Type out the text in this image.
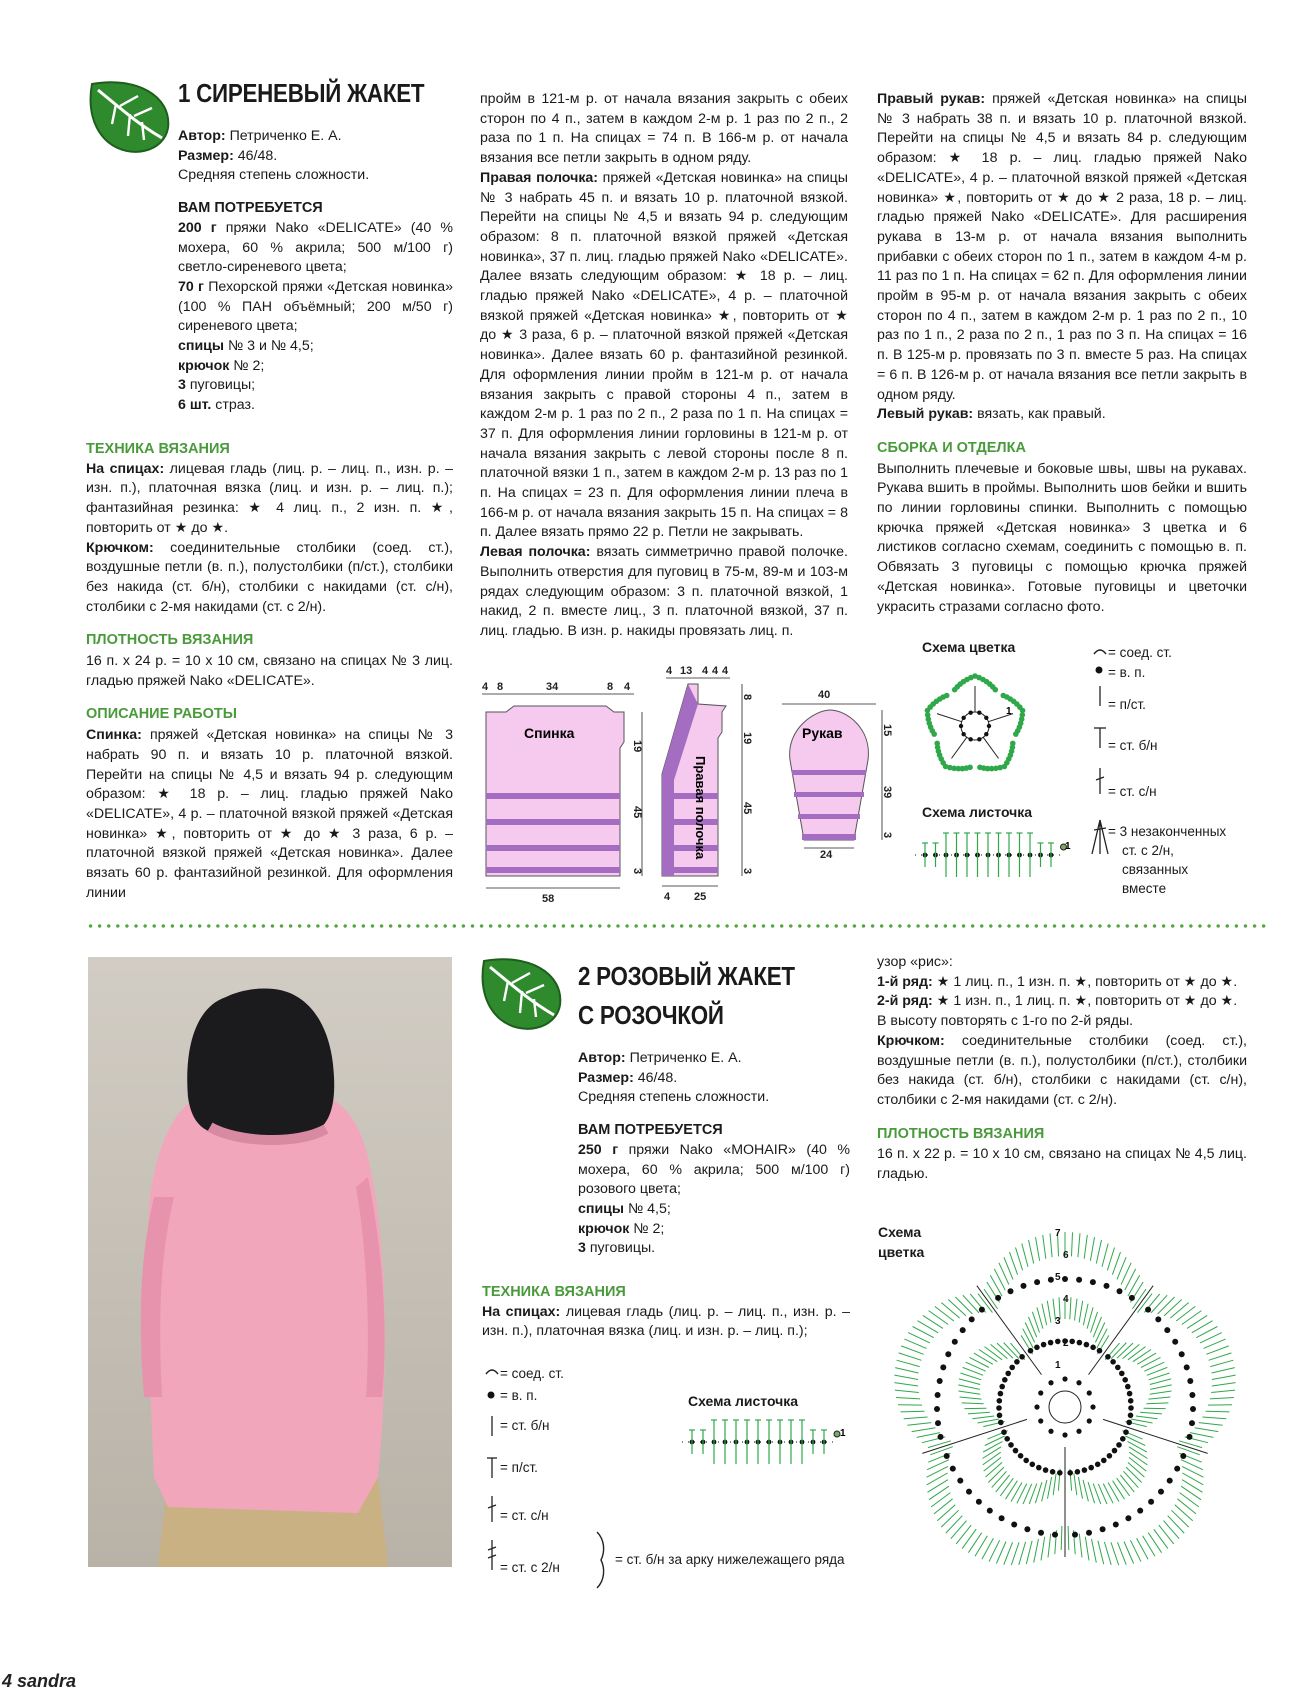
1 СИРЕНЕВЫЙ ЖАКЕТ

Автор: Петриченко Е. А.

Размер: 46/48.

Средняя степень сложности.

ВАМ ПОТРЕБУЕТСЯ

200 г пряжи Nako «DELICATE» (40 % мохера, 60 % акрила; 500 м/100 г) светло-сиреневого цвета;

70 г Пехорской пряжи «Детская новинка» (100 % ПАН объёмный; 200 м/50 г) сиреневого цвета;

спицы № 3 и № 4,5;

крючок № 2;

3 пуговицы;

6 шт. страз.

ТЕХНИКА ВЯЗАНИЯ

На спицах: лицевая гладь (лиц. р. – лиц. п., изн. р. – изн. п.), платочная вязка (лиц. и изн. р. – лиц. п.); фантазийная резинка: ★ 4 лиц. п., 2 изн. п. ★, повторить от ★ до ★.

Крючком: соединительные столбики (соед. ст.), воздушные петли (в. п.), полустолбики (п/ст.), столбики без накида (ст. б/н), столбики с накидами (ст. с/н), столбики с 2-мя накидами (ст. с 2/н).

ПЛОТНОСТЬ ВЯЗАНИЯ

16 п. х 24 р. = 10 х 10 см, связано на спицах № 3 лиц. гладью пряжей Nako «DELICATE».

ОПИСАНИЕ РАБОТЫ

Спинка: пряжей «Детская новинка» на спицы № 3 набрать 90 п. и вязать 10 р. платочной вязкой. Перейти на спицы № 4,5 и вязать 94 р. следующим образом: ★ 18 р. – лиц. гладью пряжей Nako «DELICATE», 4 р. – платочной вязкой пряжей «Детская новинка» ★, повторить от ★ до ★ 3 раза, 6 р. – платочной вязкой пряжей «Детская новинка». Далее вязать 60 р. фантазийной резинкой. Для оформления линии

пройм в 121-м р. от начала вязания закрыть с обеих сторон по 4 п., затем в каждом 2-м р. 1 раз по 2 п., 2 раза по 1 п. На спицах = 74 п. В 166-м р. от начала вязания все петли закрыть в одном ряду.

Правая полочка: пряжей «Детская новинка» на спицы № 3 набрать 45 п. и вязать 10 р. платочной вязкой. Перейти на спицы № 4,5 и вязать 94 р. следующим образом: 8 п. платочной вязкой пряжей «Детская новинка», 37 п. лиц. гладью пряжей Nako «DELICATE». Далее вязать следующим образом: ★ 18 р. – лиц. гладью пряжей Nako «DELICATE», 4 р. – платочной вязкой пряжей «Детская новинка» ★, повторить от ★ до ★ 3 раза, 6 р. – платочной вязкой пряжей «Детская новинка». Далее вязать 60 р. фантазийной резинкой. Для оформления линии пройм в 121-м р. от начала вязания закрыть с правой стороны 4 п., затем в каждом 2-м р. 1 раз по 2 п., 2 раза по 1 п. На спицах = 37 п. Для оформления линии горловины в 121-м р. от начала вязания закрыть с левой стороны после 8 п. платочной вязки 1 п., затем в каждом 2-м р. 13 раз по 1 п. На спицах = 23 п. Для оформления линии плеча в 166-м р. от начала вязания закрыть 15 п. На спицах = 8 п. Далее вязать прямо 22 р. Петли не закрывать.

Левая полочка: вязать симметрично правой полочке. Выполнить отверстия для пуговиц в 75-м, 89-м и 103-м рядах следующим образом: 3 п. платочной вязкой, 1 накид, 2 п. вместе лиц., 3 п. платочной вязкой, 37 п. лиц. гладью. В изн. р. накиды провязать лиц. п.

Правый рукав: пряжей «Детская новинка» на спицы № 3 набрать 38 п. и вязать 10 р. платочной вязкой. Перейти на спицы № 4,5 и вязать 84 р. следующим образом: ★ 18 р. – лиц. гладью пряжей Nako «DELICATE», 4 р. – платочной вязкой пряжей «Детская новинка» ★, повторить от ★ до ★ 2 раза, 18 р. – лиц. гладью пряжей Nako «DELICATE». Для расширения рукава в 13-м р. от начала вязания выполнить прибавки с обеих сторон по 1 п., затем в каждом 4-м р. 11 раз по 1 п. На спицах = 62 п. Для оформления линии пройм в 95-м р. от начала вязания закрыть с обеих сторон по 4 п., затем в каждом 2-м р. 1 раз по 2 п., 10 раз по 1 п., 2 раза по 2 п., 1 раз по 3 п. На спицах = 16 п. В 125-м р. провязать по 3 п. вместе 5 раз. На спицах = 6 п. В 126-м р. от начала вязания все петли закрыть в одном ряду.

Левый рукав: вязать, как правый.

СБОРКА И ОТДЕЛКА

Выполнить плечевые и боковые швы, швы на рукавах. Рукава вшить в проймы. Выполнить шов бейки и вшить по линии горловины спинки. Выполнить с помощью крючка пряжей «Детская новинка» 3 цветка и 6 листиков согласно схемам, соединить с помощью в. п. Обвязать 3 пуговицы с помощью крючка пряжей «Детская новинка». Готовые пуговицы и цветочки украсить стразами согласно фото.

4 8	34	8 4
Спинка
19
45
3
58
4 13 4 4 4
Правая полочка
8
19
45
3
4 25
40
Рукав	15
39
3
24
Схема цветка
1
Схема листочка
1
= соед. ст.
= в. п.
= п/ст.
= ст. б/н
= ст. с/н
= 3 незаконченных
ст. с 2/н,
связанных
вместе
2 РОЗОВЫЙ ЖАКЕТ
С РОЗОЧКОЙ

Автор: Петриченко Е. А.

Размер: 46/48.

Средняя степень сложности.

ВАМ ПОТРЕБУЕТСЯ

250 г пряжи Nako «MOHAIR» (40 % мохера, 60 % акрила; 500 м/100 г) розового цвета;

спицы № 4,5;

крючок № 2;

3 пуговицы.

ТЕХНИКА ВЯЗАНИЯ

На спицах: лицевая гладь (лиц. р. – лиц. п., изн. р. – изн. п.), платочная вязка (лиц. и изн. р. – лиц. п.);

= соед. ст.
= в. п.
= ст. б/н
= п/ст.
= ст. с/н
= ст. с 2/н
= ст. б/н за арку нижележащего ряда
Схема листочка
1

узор «рис»:

1-й ряд: ★ 1 лиц. п., 1 изн. п. ★, повторить от ★ до ★.

2-й ряд: ★ 1 изн. п., 1 лиц. п. ★, повторить от ★ до ★.

В высоту повторять с 1-го по 2-й ряды.

Крючком: соединительные столбики (соед. ст.), воздушные петли (в. п.), полустолбики (п/ст.), столбики без накида (ст. б/н), столбики с накидами (ст. с/н), столбики с 2-мя накидами (ст. с 2/н).

ПЛОТНОСТЬ ВЯЗАНИЯ

16 п. х 22 р. = 10 х 10 см, связано на спицах № 4,5 лиц. гладью.

Схема
цветка
7
6
5
4
3
2
1
4 sandra
